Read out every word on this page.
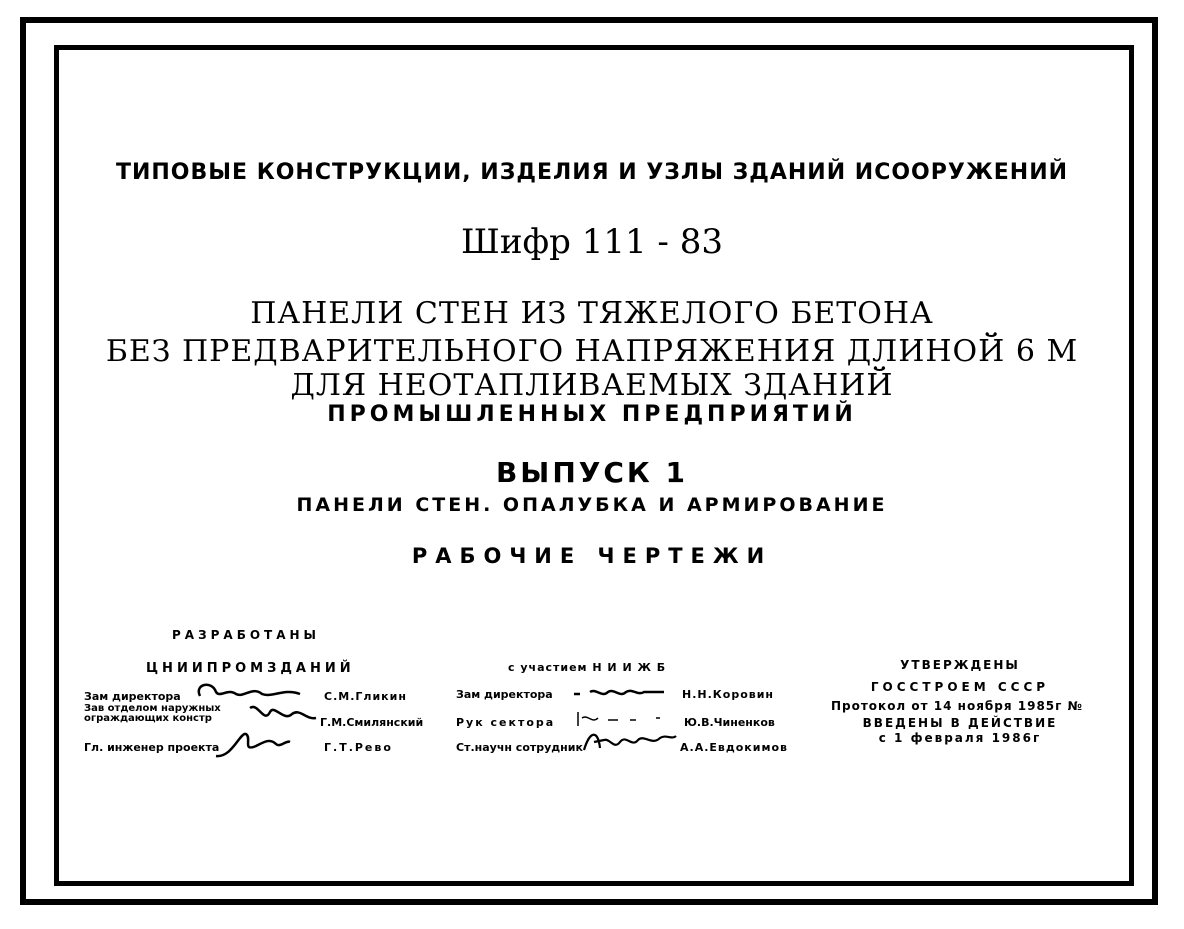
ТИПОВЫЕ КОНСТРУКЦИИ, ИЗДЕЛИЯ И УЗЛЫ ЗДАНИЙ ИСООРУЖЕНИЙ
Шифр 111 - 83
ПАНЕЛИ СТЕН ИЗ ТЯЖЕЛОГО БЕТОНА
БЕЗ ПРЕДВАРИТЕЛЬНОГО НАПРЯЖЕНИЯ ДЛИНОЙ 6 М
ДЛЯ НЕОТАПЛИВАЕМЫХ ЗДАНИЙ
ПРОМЫШЛЕННЫХ ПРЕДПРИЯТИЙ
ВЫПУСК 1
ПАНЕЛИ СТЕН. ОПАЛУБКА И АРМИРОВАНИЕ
РАБОЧИЕ ЧЕРТЕЖИ
РАЗРАБОТАНЫ
ЦНИИПРОМЗДАНИЙ
Зам директора	С.М.Гликин
Зав отделом наружных
ограждающих констр	Г.М.Смилянский
Гл. инженер проекта	Г.Т.Рево
с участием Н И И Ж Б
Зам директора	Н.Н.Коровин
Рук сектора	Ю.В.Чиненков
Ст.научн сотрудник	А.А.Евдокимов
УТВЕРЖДЕНЫ
ГОССТРОЕМ СССР
Протокол от 14 ноября 1985г №
ВВЕДЕНЫ В ДЕЙСТВИЕ
с 1 февраля 1986г
